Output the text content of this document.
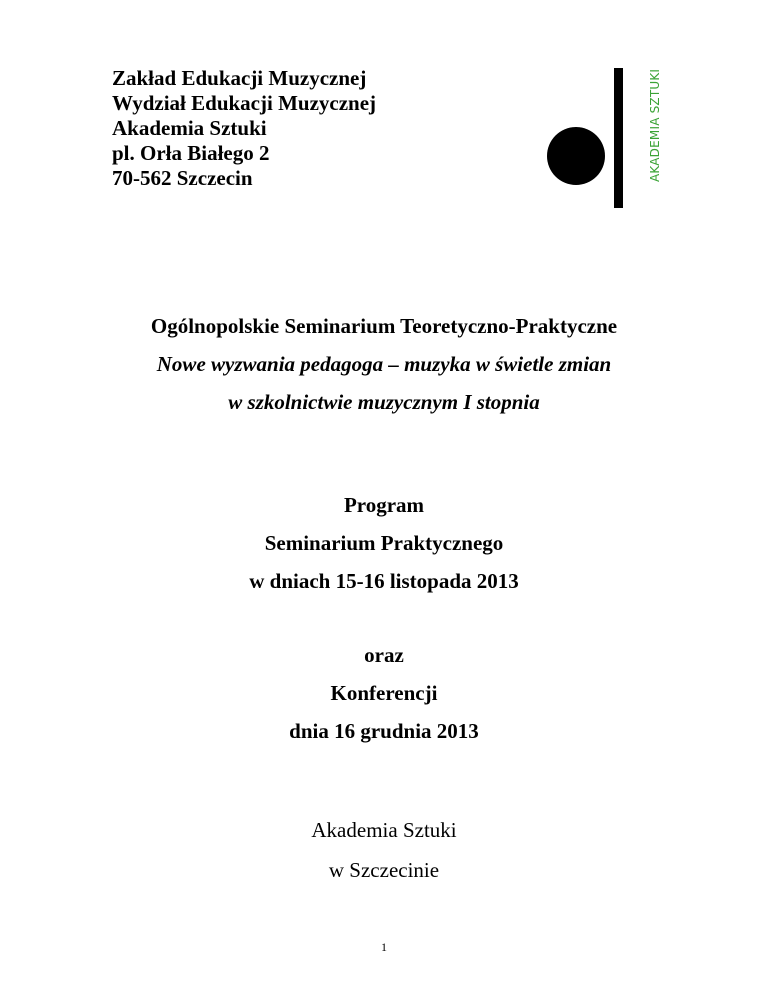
Zakład Edukacji Muzycznej
Wydział Edukacji Muzycznej
Akademia Sztuki
pl. Orła Białego 2
70-562 Szczecin	AKADEMIA SZTUKI
Ogólnopolskie Seminarium Teoretyczno-Praktyczne
Nowe wyzwania pedagoga – muzyka w świetle zmian
w szkolnictwie muzycznym I stopnia
Program
Seminarium Praktycznego
w dniach 15-16 listopada 2013
oraz
Konferencji
dnia 16 grudnia 2013
Akademia Sztuki
w Szczecinie
1
